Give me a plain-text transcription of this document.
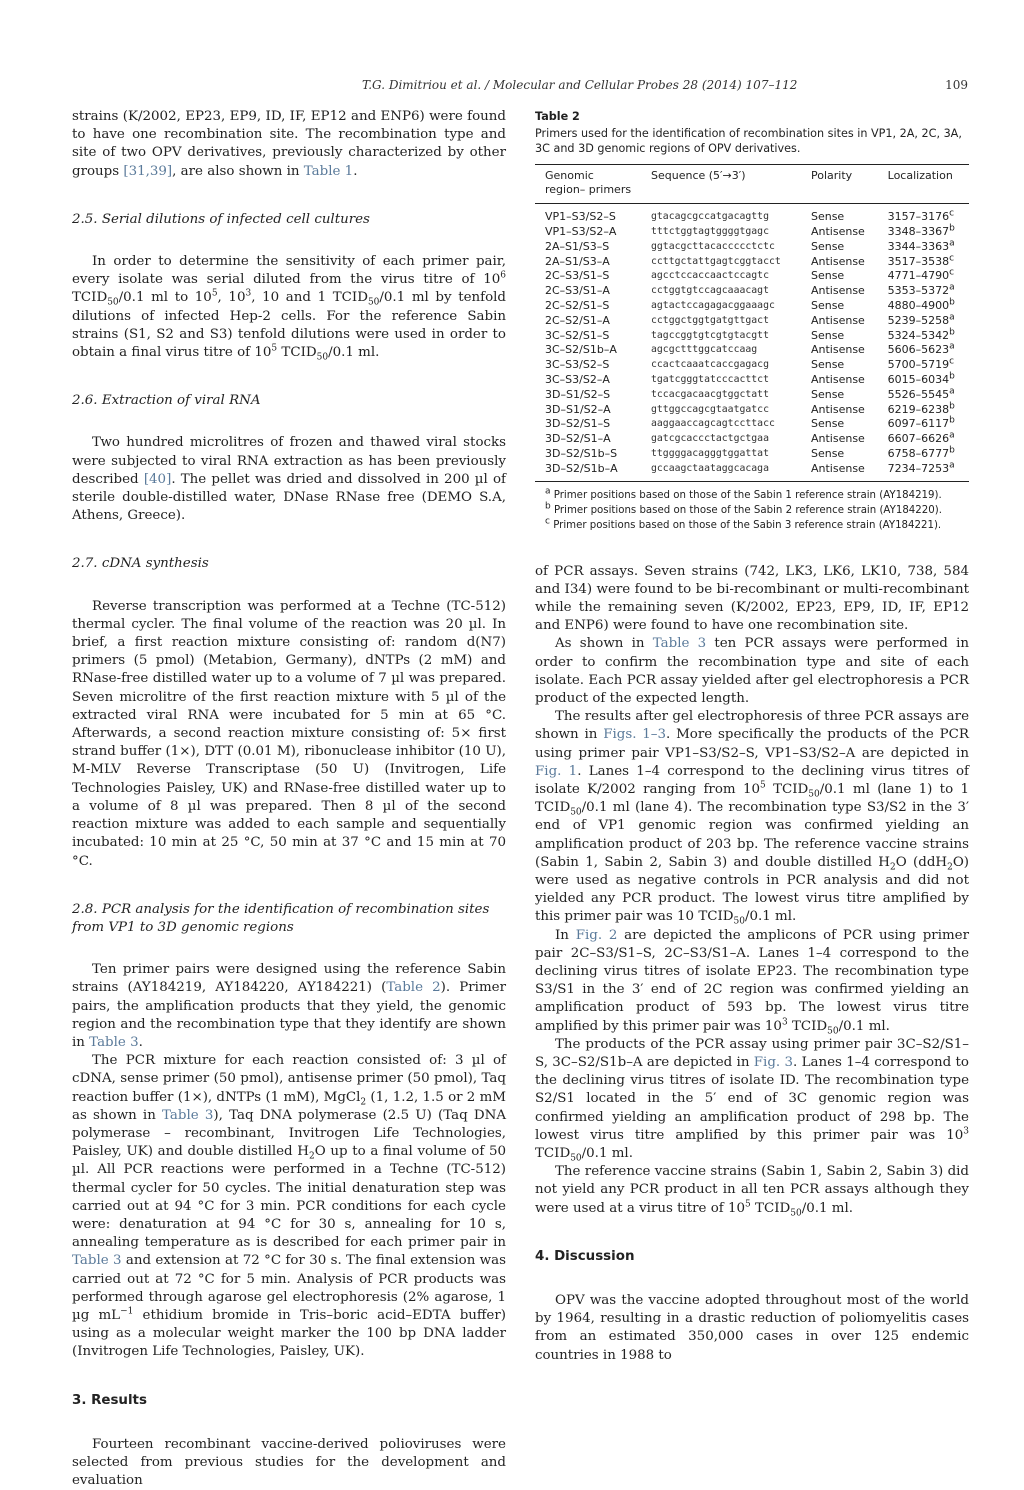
T.G. Dimitriou et al. / Molecular and Cellular Probes 28 (2014) 107–112	109

strains (K/2002, EP23, EP9, ID, IF, EP12 and ENP6) were found to have one recombination site. The recombination type and site of two OPV derivatives, previously characterized by other groups [31,39], are also shown in Table 1.

2.5. Serial dilutions of infected cell cultures

In order to determine the sensitivity of each primer pair, every isolate was serial diluted from the virus titre of $10^6$ $TCID_{50}/0.1$ ml to $10^5$, $10^3$, 10 and 1 $TCID_{50}/0.1$ ml by tenfold dilutions of infected Hep-2 cells. For the reference Sabin strains (S1, S2 and S3) tenfold dilutions were used in order to obtain a final virus titre of $10^5$ $TCID_{50}/0.1$ ml.

2.6. Extraction of viral RNA

Two hundred microlitres of frozen and thawed viral stocks were subjected to viral RNA extraction as has been previously described [40]. The pellet was dried and dissolved in 200 µl of sterile double-distilled water, DNase RNase free (DEMO S.A, Athens, Greece).

2.7. cDNA synthesis

Reverse transcription was performed at a Techne (TC-512) thermal cycler. The final volume of the reaction was 20 µl. In brief, a first reaction mixture consisting of: random d(N7) primers (5 pmol) (Metabion, Germany), dNTPs (2 mM) and RNase-free distilled water up to a volume of 7 µl was prepared. Seven microlitre of the first reaction mixture with 5 µl of the extracted viral RNA were incubated for 5 min at 65 °C. Afterwards, a second reaction mixture consisting of: 5× first strand buffer (1×), DTT (0.01 M), ribonuclease inhibitor (10 U), M-MLV Reverse Transcriptase (50 U) (Invitrogen, Life Technologies Paisley, UK) and RNase-free distilled water up to a volume of 8 µl was prepared. Then 8 µl of the second reaction mixture was added to each sample and sequentially incubated: 10 min at 25 °C, 50 min at 37 °C and 15 min at 70 °C.

2.8. PCR analysis for the identification of recombination sites from VP1 to 3D genomic regions

Ten primer pairs were designed using the reference Sabin strains (AY184219, AY184220, AY184221) (Table 2). Primer pairs, the amplification products that they yield, the genomic region and the recombination type that they identify are shown in Table 3.

The PCR mixture for each reaction consisted of: 3 µl of cDNA, sense primer (50 pmol), antisense primer (50 pmol), Taq reaction buffer (1×), dNTPs (1 mM), MgCl$_2$ (1, 1.2, 1.5 or 2 mM as shown in Table 3), Taq DNA polymerase (2.5 U) (Taq DNA polymerase – recombinant, Invitrogen Life Technologies, Paisley, UK) and double distilled $H_2O$ up to a final volume of 50 µl. All PCR reactions were performed in a Techne (TC-512) thermal cycler for 50 cycles. The initial denaturation step was carried out at 94 °C for 3 min. PCR conditions for each cycle were: denaturation at 94 °C for 30 s, annealing for 10 s, annealing temperature as is described for each primer pair in Table 3 and extension at 72 °C for 30 s. The final extension was carried out at 72 °C for 5 min. Analysis of PCR products was performed through agarose gel electrophoresis (2% agarose, 1 µg $mL^{-1}$ ethidium bromide in Tris–boric acid–EDTA buffer) using as a molecular weight marker the 100 bp DNA ladder (Invitrogen Life Technologies, Paisley, UK).

3. Results

Fourteen recombinant vaccine-derived polioviruses were selected from previous studies for the development and evaluation

Table 2
Primers used for the identification of recombination sites in VP1, 2A, 2C, 3A, 3C and 3D genomic regions of OPV derivatives.
Genomic region– primers	Sequence (5′→3′)	Polarity	Localization
VP1–S3/S2–S	gtacagcgccatgacagttg	Sense	3157–3176$^c$
VP1–S3/S2–A	tttctggtagtggggtgagc	Antisense	3348–3367$^b$
2A–S1/S3–S	ggtacgcttacaccccctctc	Sense	3344–3363$^a$
2A–S1/S3–A	ccttgctattgagtcggtacct	Antisense	3517–3538$^c$
2C–S3/S1–S	agcctccaccaactccagtc	Sense	4771–4790$^c$
2C–S3/S1–A	cctggtgtccagcaaacagt	Antisense	5353–5372$^a$
2C–S2/S1–S	agtactccagagacggaaagc	Sense	4880–4900$^b$
2C–S2/S1–A	cctggctggtgatgttgact	Antisense	5239–5258$^a$
3C–S2/S1–S	tagccggtgtcgtgtacgtt	Sense	5324–5342$^b$
3C–S2/S1b–A	agcgctttggcatccaag	Antisense	5606–5623$^a$
3C–S3/S2–S	ccactcaaatcaccgagacg	Sense	5700–5719$^c$
3C–S3/S2–A	tgatcgggtatcccacttct	Antisense	6015–6034$^b$
3D–S1/S2–S	tccacgacaacgtggctatt	Sense	5526–5545$^a$
3D–S1/S2–A	gttggccagcgtaatgatcc	Antisense	6219–6238$^b$
3D–S2/S1–S	aaggaaccagcagtccttacc	Sense	6097–6117$^b$
3D–S2/S1–A	gatcgcaccctactgctgaa	Antisense	6607–6626$^a$
3D–S2/S1b–S	ttggggacagggtggattat	Sense	6758–6777$^b$
3D–S2/S1b–A	gccaagctaataggcacaga	Antisense	7234–7253$^a$
$^a$ Primer positions based on those of the Sabin 1 reference strain (AY184219).
$^b$ Primer positions based on those of the Sabin 2 reference strain (AY184220).
$^c$ Primer positions based on those of the Sabin 3 reference strain (AY184221).

of PCR assays. Seven strains (742, LK3, LK6, LK10, 738, 584 and I34) were found to be bi-recombinant or multi-recombinant while the remaining seven (K/2002, EP23, EP9, ID, IF, EP12 and ENP6) were found to have one recombination site.

As shown in Table 3 ten PCR assays were performed in order to confirm the recombination type and site of each isolate. Each PCR assay yielded after gel electrophoresis a PCR product of the expected length.

The results after gel electrophoresis of three PCR assays are shown in Figs. 1–3. More specifically the products of the PCR using primer pair VP1–S3/S2–S, VP1–S3/S2–A are depicted in Fig. 1. Lanes 1–4 correspond to the declining virus titres of isolate K/2002 ranging from $10^5$ $TCID_{50}/0.1$ ml (lane 1) to 1 $TCID_{50}/0.1$ ml (lane 4). The recombination type S3/S2 in the 3′ end of VP1 genomic region was confirmed yielding an amplification product of 203 bp. The reference vaccine strains (Sabin 1, Sabin 2, Sabin 3) and double distilled $H_2O$ (ddH$_2$O) were used as negative controls in PCR analysis and did not yielded any PCR product. The lowest virus titre amplified by this primer pair was 10 $TCID_{50}/0.1$ ml.

In Fig. 2 are depicted the amplicons of PCR using primer pair 2C–S3/S1–S, 2C–S3/S1–A. Lanes 1–4 correspond to the declining virus titres of isolate EP23. The recombination type S3/S1 in the 3′ end of 2C region was confirmed yielding an amplification product of 593 bp. The lowest virus titre amplified by this primer pair was $10^3$ $TCID_{50}/0.1$ ml.

The products of the PCR assay using primer pair 3C–S2/S1–S, 3C–S2/S1b–A are depicted in Fig. 3. Lanes 1–4 correspond to the declining virus titres of isolate ID. The recombination type S2/S1 located in the 5′ end of 3C genomic region was confirmed yielding an amplification product of 298 bp. The lowest virus titre amplified by this primer pair was $10^3$ $TCID_{50}/0.1$ ml.

The reference vaccine strains (Sabin 1, Sabin 2, Sabin 3) did not yield any PCR product in all ten PCR assays although they were used at a virus titre of $10^5$ $TCID_{50}/0.1$ ml.

4. Discussion

OPV was the vaccine adopted throughout most of the world by 1964, resulting in a drastic reduction of poliomyelitis cases from an estimated 350,000 cases in over 125 endemic countries in 1988 to
